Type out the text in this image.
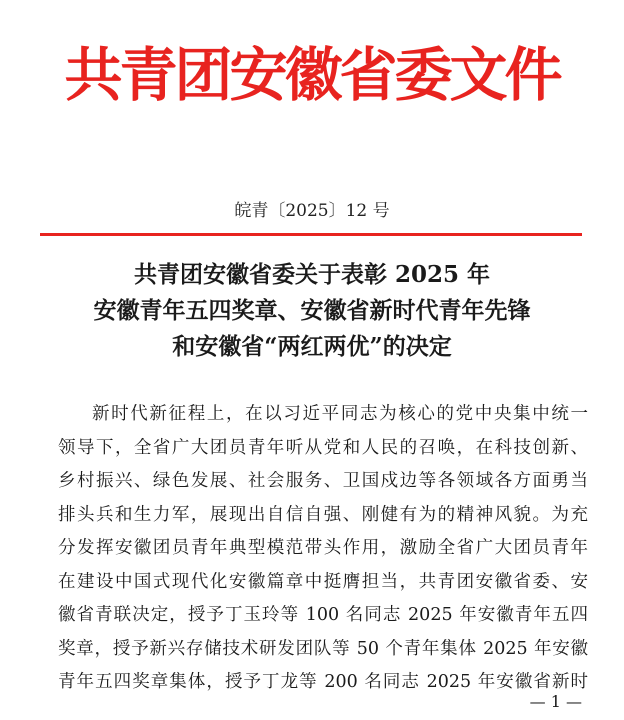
共青团安徽省委文件
皖青〔2025〕12 号
共青团安徽省委关于表彰 2025 年
安徽青年五四奖章、安徽省新时代青年先锋
和安徽省“两红两优”的决定
新时代新征程上，在以习近平同志为核心的党中央集中统一
领导下，全省广大团员青年听从党和人民的召唤，在科技创新、
乡村振兴、绿色发展、社会服务、卫国戍边等各领域各方面勇当
排头兵和生力军，展现出自信自强、刚健有为的精神风貌。为充
分发挥安徽团员青年典型模范带头作用，激励全省广大团员青年
在建设中国式现代化安徽篇章中挺膺担当，共青团安徽省委、安
徽省青联决定，授予丁玉玲等 100 名同志 2025 年安徽青年五四
奖章，授予新兴存储技术研发团队等 50 个青年集体 2025 年安徽
青年五四奖章集体，授予丁龙等 200 名同志 2025 年安徽省新时
— 1 —
